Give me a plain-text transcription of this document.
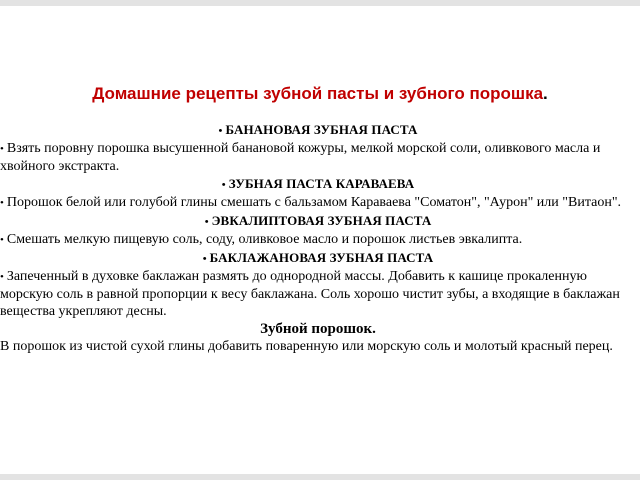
Домашние рецепты зубной пасты и зубного порошка.
• БАНАНОВАЯ ЗУБНАЯ ПАСТА

• Взять поровну порошка высушенной банановой кожуры, мелкой морской соли, оливкового масла и хвойного экстракта.

• ЗУБНАЯ ПАСТА КАРАВАЕВА

• Порошок белой или голубой глины смешать с бальзамом Караваева "Соматон", "Аурон" или "Витаон".

• ЭВКАЛИПТОВАЯ ЗУБНАЯ ПАСТА

• Смешать мелкую пищевую соль, соду, оливковое масло и порошок листьев эвкалипта.

• БАКЛАЖАНОВАЯ ЗУБНАЯ ПАСТА

• Запеченный в духовке баклажан размять до однородной массы. Добавить к кашице прокаленную морскую соль в равной пропорции к весу баклажана. Соль хорошо чистит зубы, а входящие в баклажан вещества укрепляют десны.

Зубной порошок.

В порошок из чистой сухой глины добавить поваренную или морскую соль и молотый красный перец.
